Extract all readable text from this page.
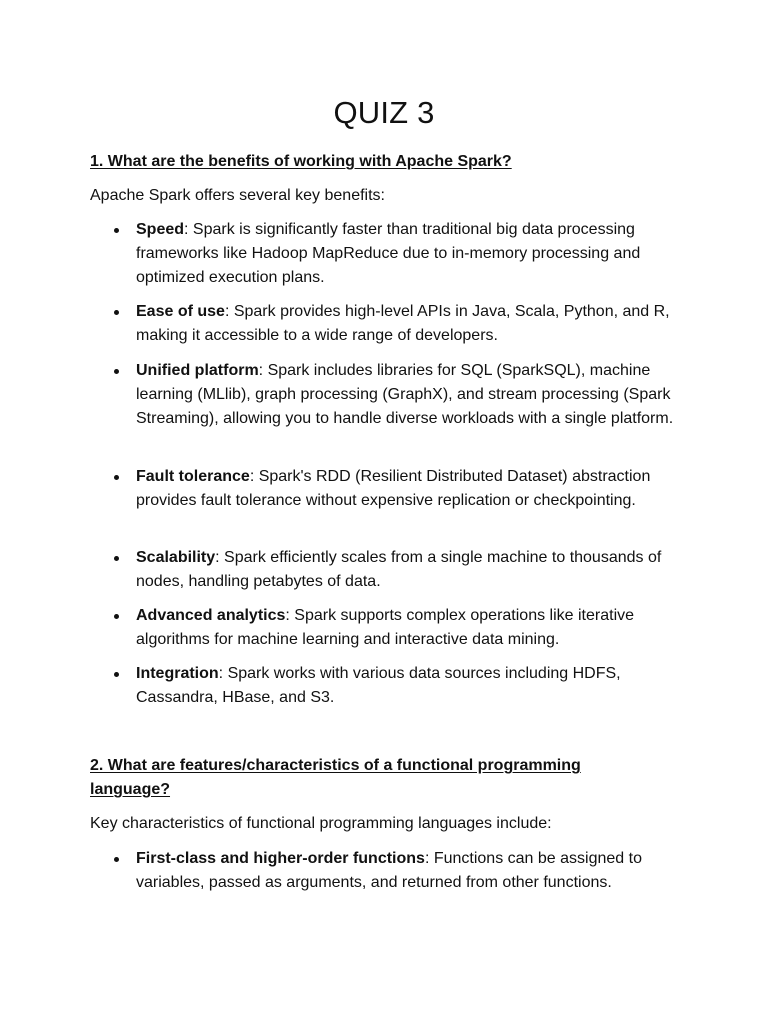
QUIZ 3
1. What are the benefits of working with Apache Spark?

Apache Spark offers several key benefits:

Speed: Spark is significantly faster than traditional big data processing frameworks like Hadoop MapReduce due to in-memory processing and optimized execution plans.
Ease of use: Spark provides high-level APIs in Java, Scala, Python, and R, making it accessible to a wide range of developers.
Unified platform: Spark includes libraries for SQL (SparkSQL), machine learning (MLlib), graph processing (GraphX), and stream processing (Spark Streaming), allowing you to handle diverse workloads with a single platform.
Fault tolerance: Spark's RDD (Resilient Distributed Dataset) abstraction provides fault tolerance without expensive replication or checkpointing.
Scalability: Spark efficiently scales from a single machine to thousands of nodes, handling petabytes of data.
Advanced analytics: Spark supports complex operations like iterative algorithms for machine learning and interactive data mining.
Integration: Spark works with various data sources including HDFS, Cassandra, HBase, and S3.
2. What are features/characteristics of a functional programming language?

Key characteristics of functional programming languages include:

First-class and higher-order functions: Functions can be assigned to variables, passed as arguments, and returned from other functions.
